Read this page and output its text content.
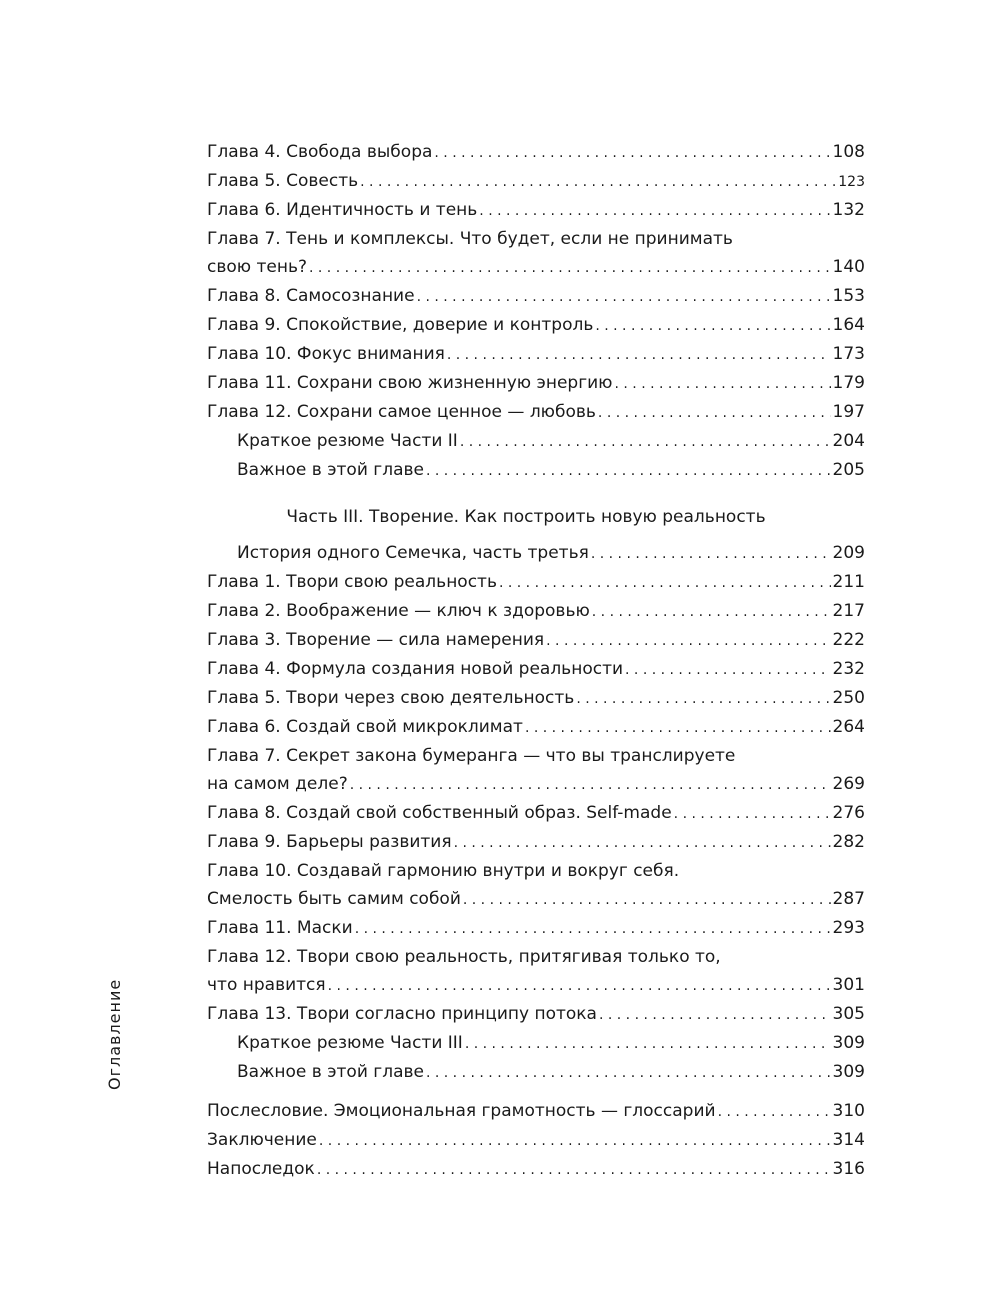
Оглавление
Глава 4. Свобода выбора . . .	108
Глава 5. Совесть . . .	123
Глава 6. Идентичность и тень . . .	132
Глава 7. Тень и комплексы. Что будет, если не принимать
свою тень? . . .	140
Глава 8. Самосознание . . .	153
Глава 9. Спокойствие, доверие и контроль . . .	164
Глава 10. Фокус внимания . . .	173
Глава 11. Сохрани свою жизненную энергию . . .	179
Глава 12. Сохрани самое ценное — любовь . . .	197
Краткое резюме Части II . . .	204
Важное в этой главе . . .	205
Часть III. Творение. Как построить новую реальность
История одного Семечка, часть третья . . .	209
Глава 1. Твори свою реальность . . .	211
Глава 2. Воображение — ключ к здоровью . . .	217
Глава 3. Творение — сила намерения . . .	222
Глава 4. Формула создания новой реальности . . .	232
Глава 5. Твори через свою деятельность . . .	250
Глава 6. Создай свой микроклимат . . .	264
Глава 7. Секрет закона бумеранга — что вы транслируете
на самом деле? . . .	269
Глава 8. Создай свой собственный образ. Self-made . . .	276
Глава 9. Барьеры развития . . .	282
Глава 10. Создавай гармонию внутри и вокруг себя.
Смелость быть самим собой . . .	287
Глава 11. Маски . . .	293
Глава 12. Твори свою реальность, притягивая только то,
что нравится . . .	301
Глава 13. Твори согласно принципу потока . . .	305
Краткое резюме Части III . . .	309
Важное в этой главе . . .	309
Послесловие. Эмоциональная грамотность — глоссарий . . .	310
Заключение . . .	314
Напоследок . . .	316
